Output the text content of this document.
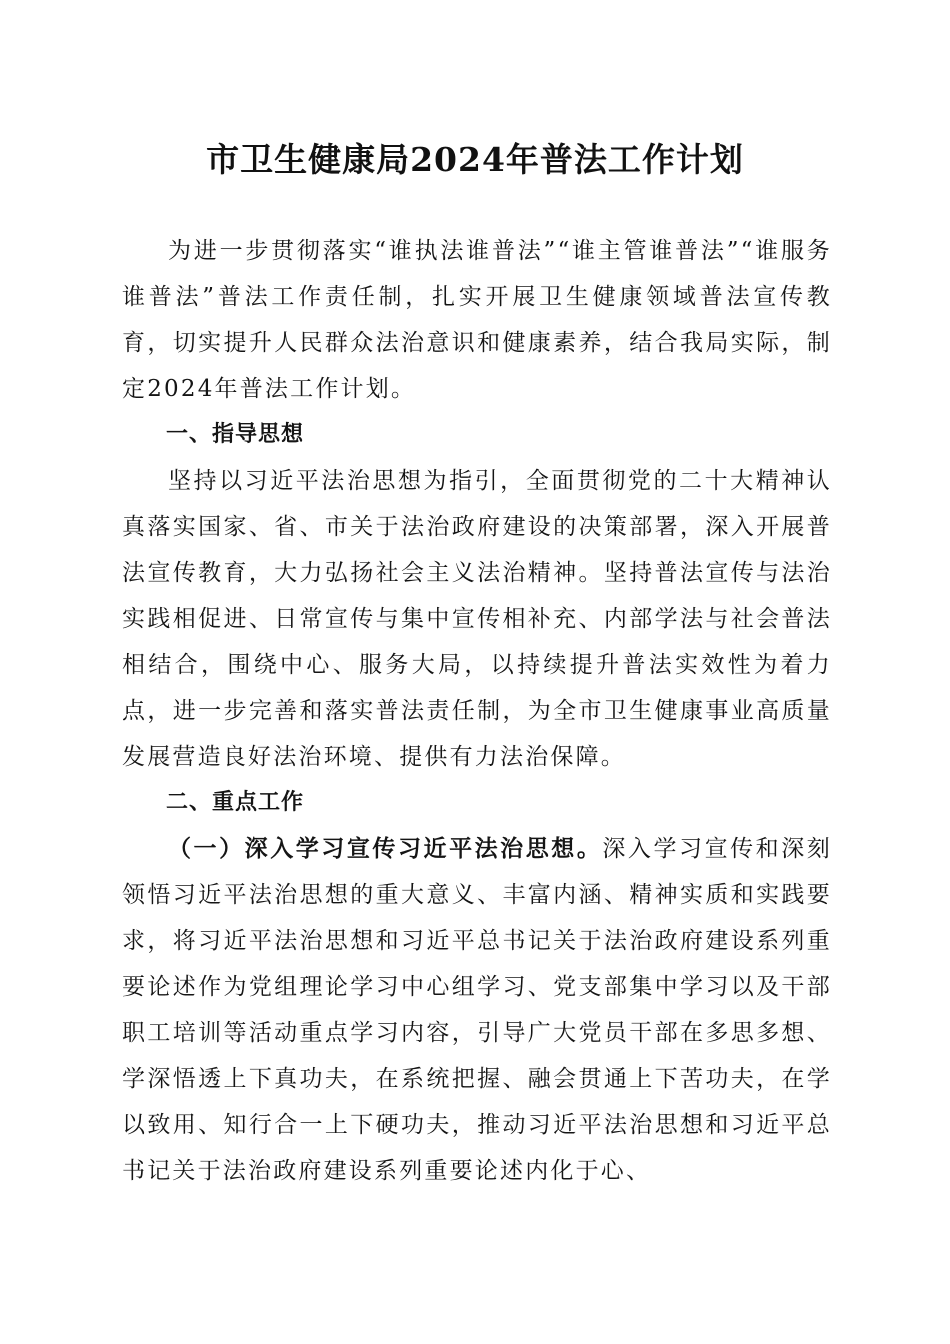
市卫生健康局2024年普法工作计划

为进一步贯彻落实“谁执法谁普法”“谁主管谁普法”“谁服务谁普法”普法工作责任制，扎实开展卫生健康领域普法宣传教育，切实提升人民群众法治意识和健康素养，结合我局实际，制定2024年普法工作计划。

一、指导思想

坚持以习近平法治思想为指引，全面贯彻党的二十大精神认真落实国家、省、市关于法治政府建设的决策部署，深入开展普法宣传教育，大力弘扬社会主义法治精神。坚持普法宣传与法治实践相促进、日常宣传与集中宣传相补充、内部学法与社会普法相结合，围绕中心、服务大局，以持续提升普法实效性为着力点，进一步完善和落实普法责任制，为全市卫生健康事业高质量发展营造良好法治环境、提供有力法治保障。

二、重点工作

（一）深入学习宣传习近平法治思想。深入学习宣传和深刻领悟习近平法治思想的重大意义、丰富内涵、精神实质和实践要求，将习近平法治思想和习近平总书记关于法治政府建设系列重要论述作为党组理论学习中心组学习、党支部集中学习以及干部职工培训等活动重点学习内容，引导广大党员干部在多思多想、学深悟透上下真功夫，在系统把握、融会贯通上下苦功夫，在学以致用、知行合一上下硬功夫，推动习近平法治思想和习近平总书记关于法治政府建设系列重要论述内化于心、
